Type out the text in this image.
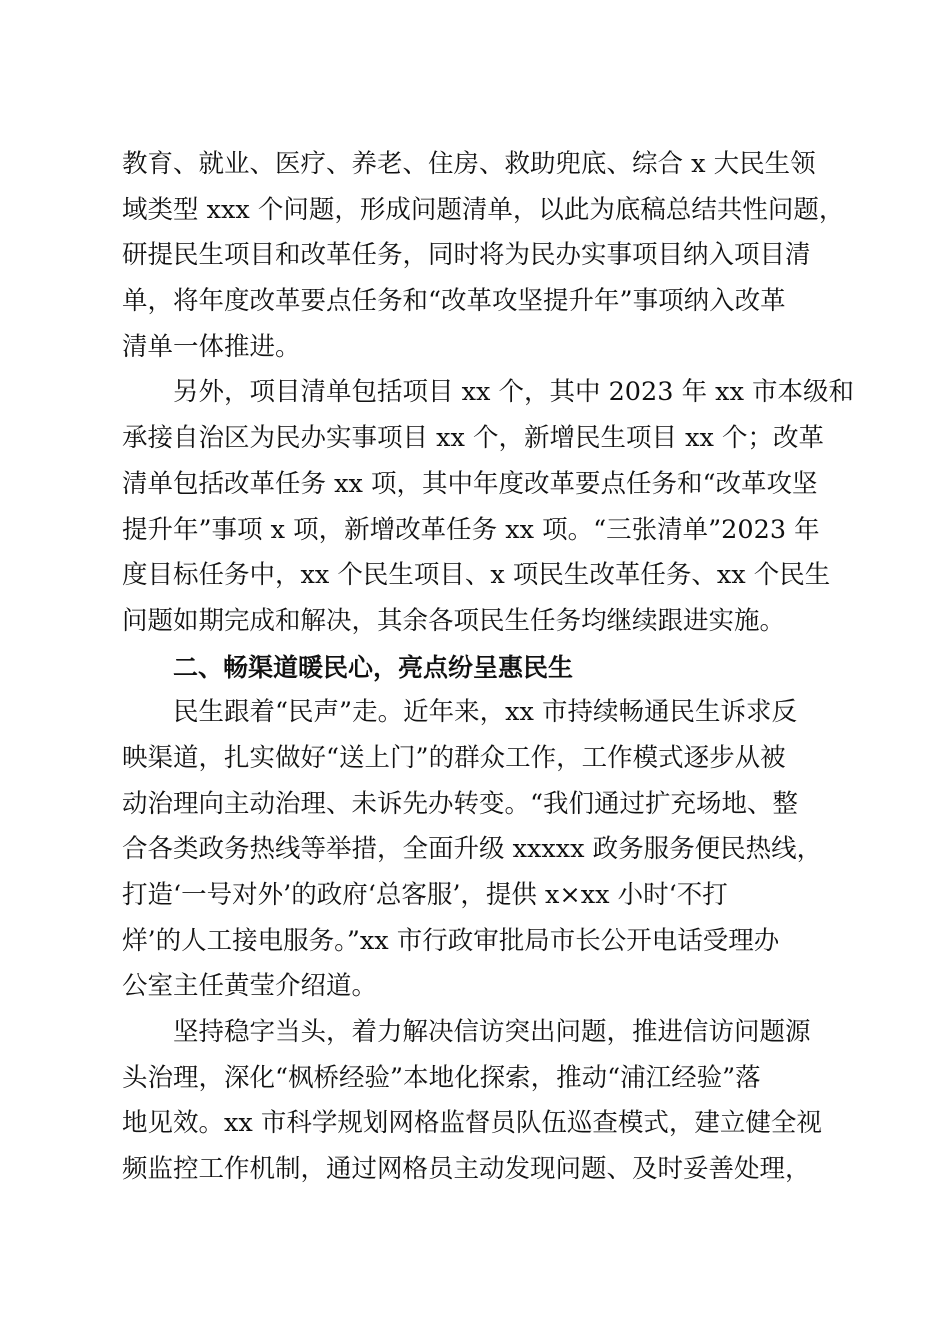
教育、就业、医疗、养老、住房、救助兜底、综合 x 大民生领
域类型 xxx 个问题，形成问题清单，以此为底稿总结共性问题，
研提民生项目和改革任务，同时将为民办实事项目纳入项目清
单，将年度改革要点任务和“改革攻坚提升年”事项纳入改革
清单一体推进。
另外，项目清单包括项目 xx 个，其中 2023 年 xx 市本级和
承接自治区为民办实事项目 xx 个，新增民生项目 xx 个；改革
清单包括改革任务 xx 项，其中年度改革要点任务和“改革攻坚
提升年”事项 x 项，新增改革任务 xx 项。“三张清单”2023 年
度目标任务中，xx 个民生项目、x 项民生改革任务、xx 个民生
问题如期完成和解决，其余各项民生任务均继续跟进实施。
二、畅渠道暖民心，亮点纷呈惠民生
民生跟着“民声”走。近年来，xx 市持续畅通民生诉求反
映渠道，扎实做好“送上门”的群众工作，工作模式逐步从被
动治理向主动治理、未诉先办转变。“我们通过扩充场地、整
合各类政务热线等举措，全面升级 xxxxx 政务服务便民热线，
打造‘一号对外’的政府‘总客服’，提供 x×xx 小时‘不打
烊’的人工接电服务。”xx 市行政审批局市长公开电话受理办
公室主任黄莹介绍道。
坚持稳字当头，着力解决信访突出问题，推进信访问题源
头治理，深化“枫桥经验”本地化探索，推动“浦江经验”落
地见效。xx 市科学规划网格监督员队伍巡查模式，建立健全视
频监控工作机制，通过网格员主动发现问题、及时妥善处理，
